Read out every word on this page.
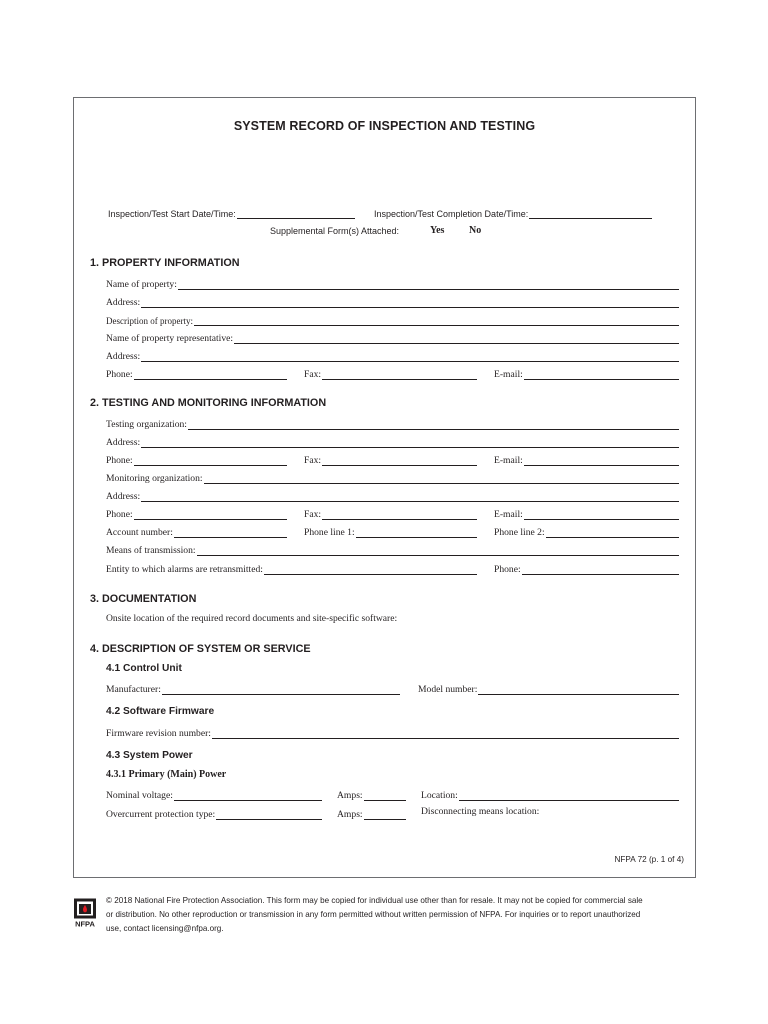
SYSTEM RECORD OF INSPECTION AND TESTING
Inspection/Test Start Date/Time:	Inspection/Test Completion Date/Time:
Supplemental Form(s) Attached:	Yes No
1. PROPERTY INFORMATION
Name of property:
Address:
Description of property:
Name of property representative:
Address:
Phone:	Fax:	E-mail:
2. TESTING AND MONITORING INFORMATION
Testing organization:
Address:
Phone:	Fax:	E-mail:
Monitoring organization:
Address:
Phone:	Fax:	E-mail:
Account number:	Phone line 1:	Phone line 2:
Means of transmission:
Entity to which alarms are retransmitted:	Phone:
3. DOCUMENTATION
Onsite location of the required record documents and site-specific software:
4. DESCRIPTION OF SYSTEM OR SERVICE
4.1 Control Unit
Manufacturer:	Model number:
4.2 Software Firmware
Firmware revision number:
4.3 System Power
4.3.1 Primary (Main) Power
Nominal voltage:	Amps:	Location:
Overcurrent protection type:	Amps:	Disconnecting means location:
NFPA 72 (p. 1 of 4)
NFPA
© 2018 National Fire Protection Association. This form may be copied for individual use other than for resale. It may not be copied for commercial sale
or distribution. No other reproduction or transmission in any form permitted without written permission of NFPA. For inquiries or to report unauthorized
use, contact licensing@nfpa.org.
